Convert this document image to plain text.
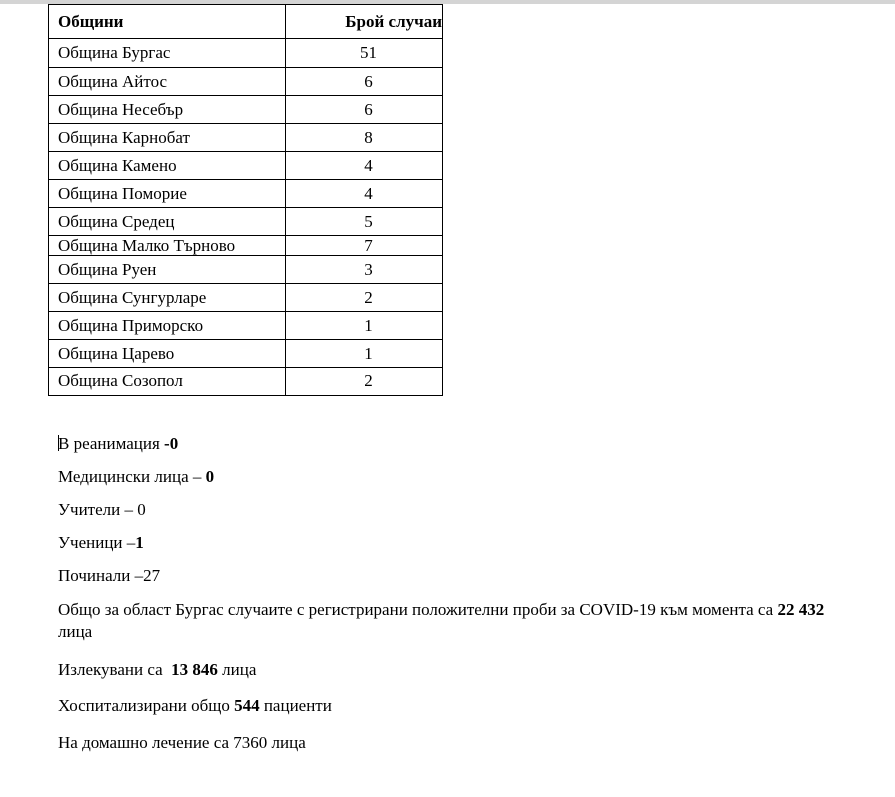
Общини	Брой случаи
Община Бургас	51
Община Айтос	6
Община Несебър	6
Община Карнобат	8
Община Камено	4
Община Поморие	4
Община Средец	5
Община Малко Търново	7
Община Руен	3
Община Сунгурларе	2
Община Приморско	1
Община Царево	1
Община Созопол	2

В реанимация -0

Медицински лица – 0

Учители – 0

Ученици –1

Починали –27

Общо за област Бургас случаите с регистрирани положителни проби за COVID-19 към момента са 22 432 лица

Излекувани са  13 846 лица

Хоспитализирани общо 544 пациенти

На домашно лечение са 7360 лица
